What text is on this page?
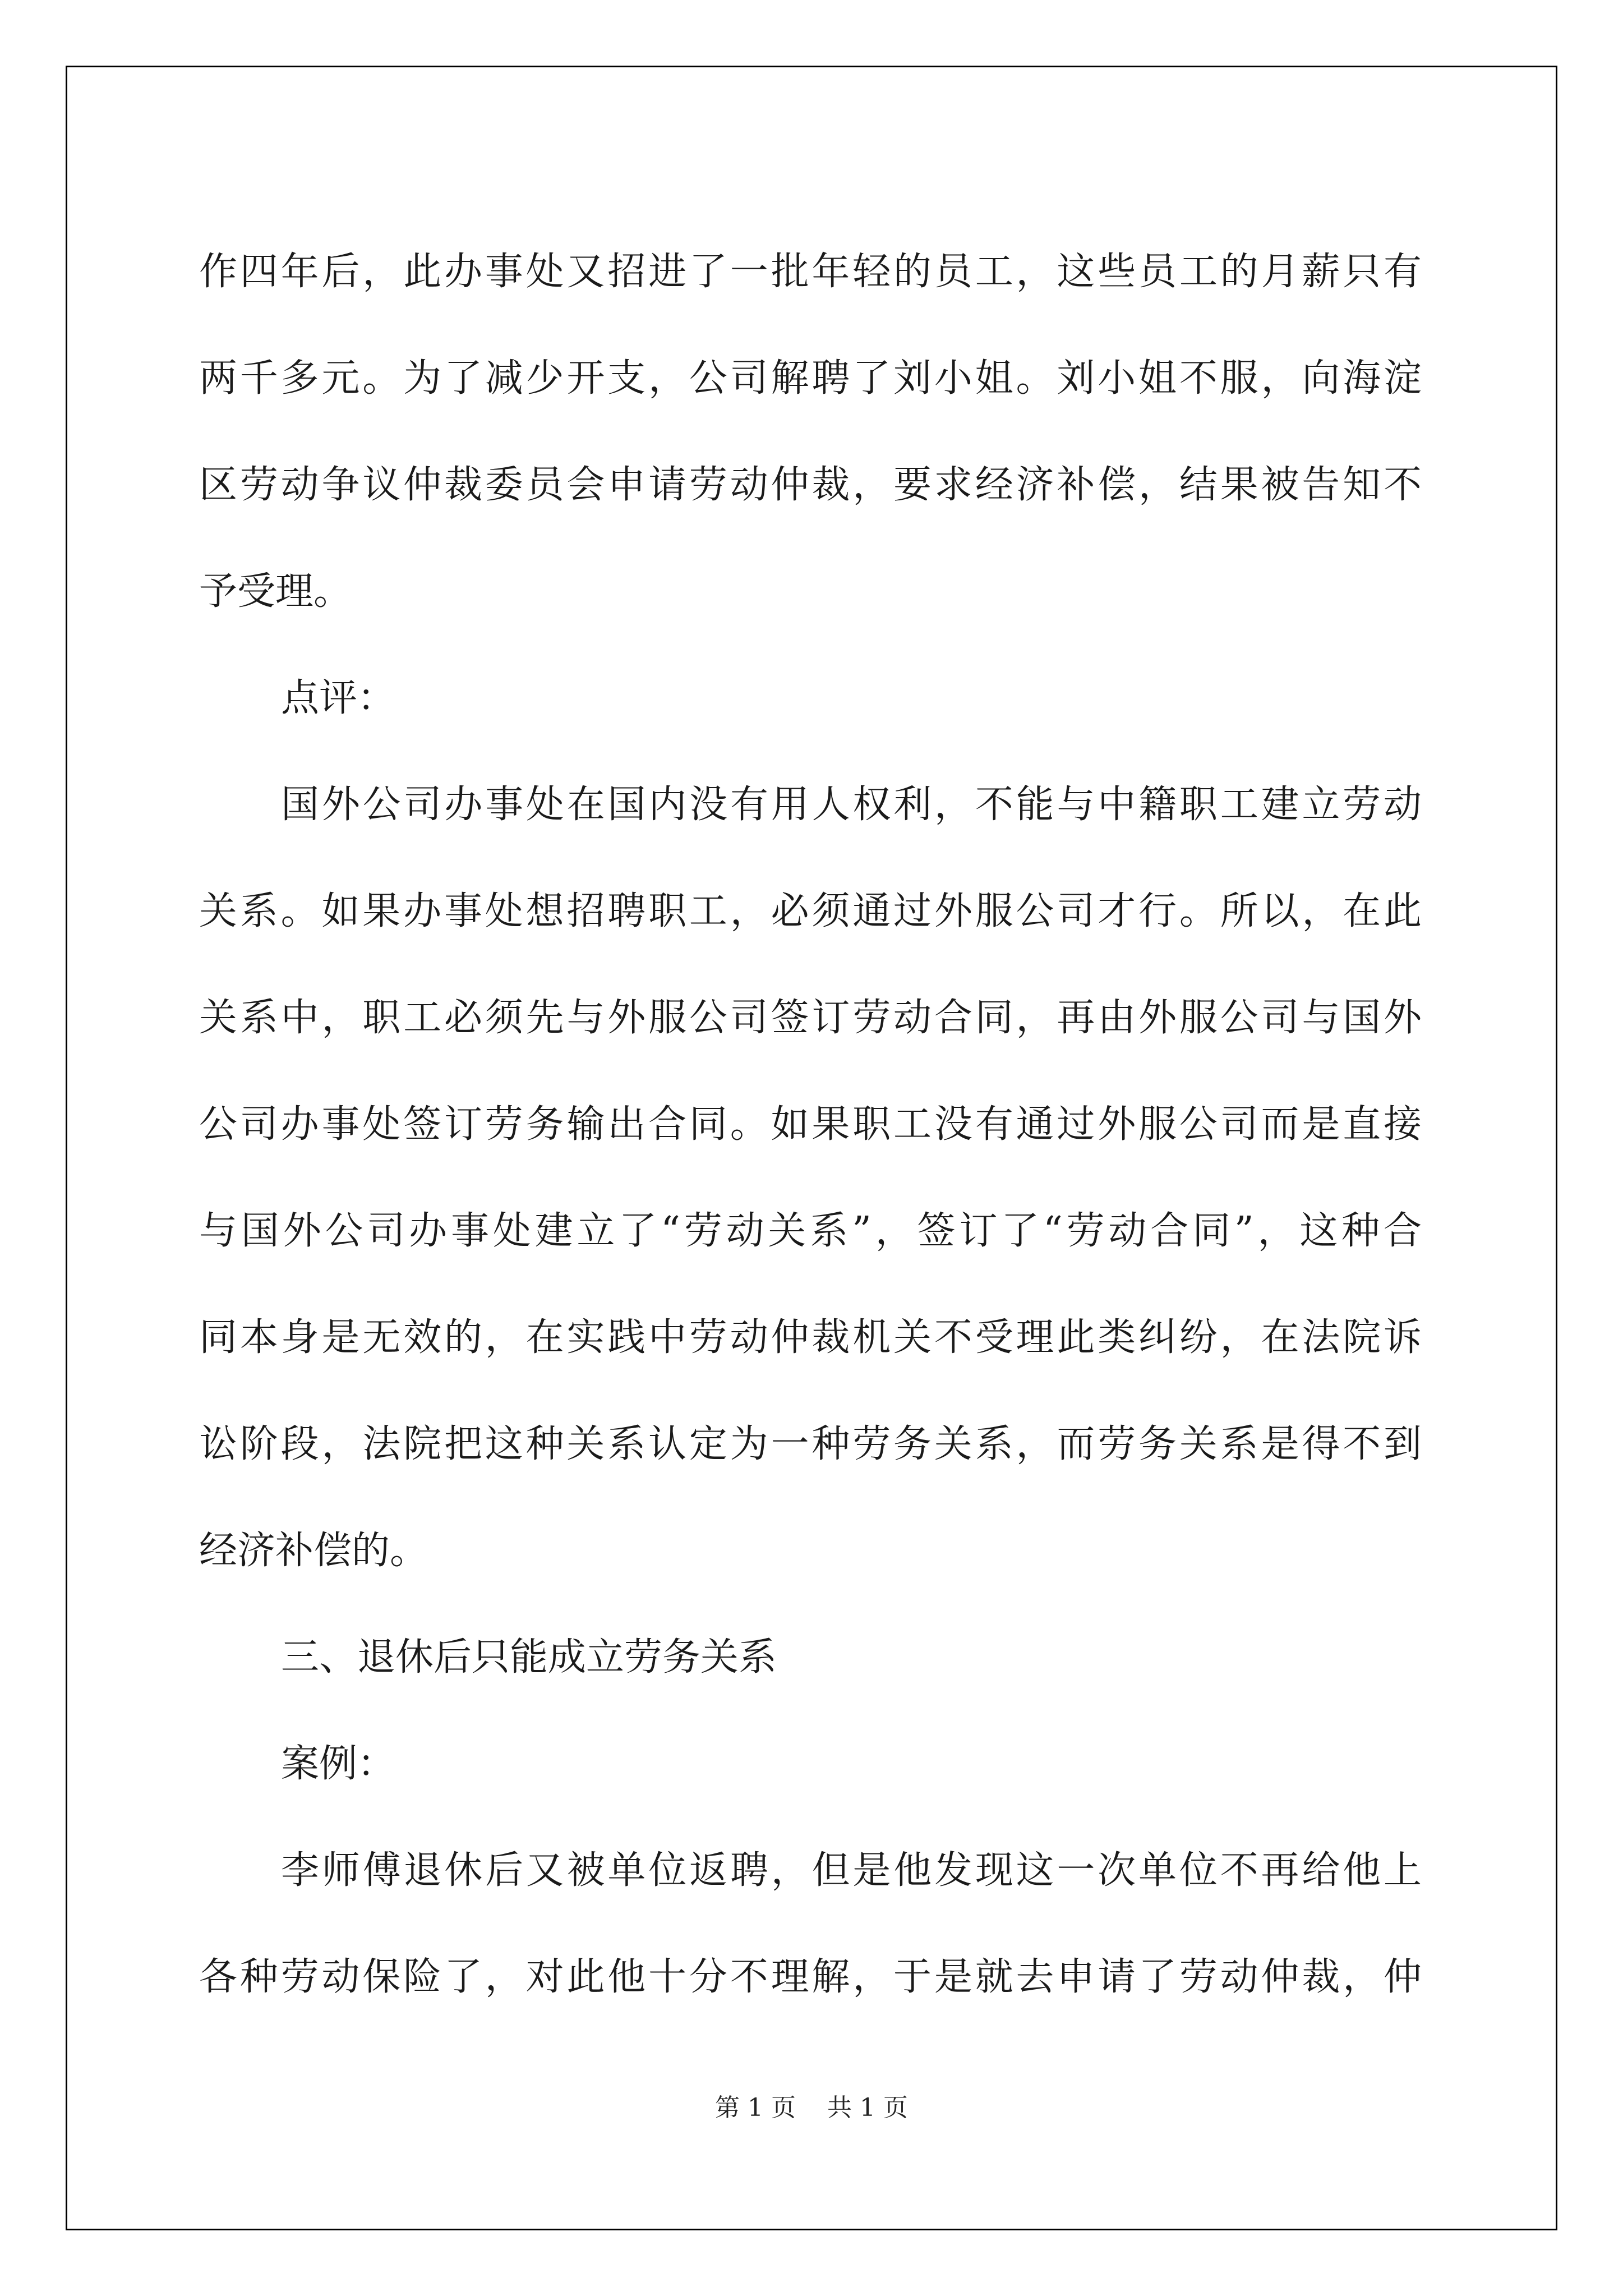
作四年后，此办事处又招进了一批年轻的员工，这些员工的月薪只有
两千多元。为了减少开支，公司解聘了刘小姐。刘小姐不服，向海淀
区劳动争议仲裁委员会申请劳动仲裁，要求经济补偿，结果被告知不
予受理。
点评：
国外公司办事处在国内没有用人权利，不能与中籍职工建立劳动
关系。如果办事处想招聘职工，必须通过外服公司才行。所以，在此
关系中，职工必须先与外服公司签订劳动合同，再由外服公司与国外
公司办事处签订劳务输出合同。如果职工没有通过外服公司而是直接
与国外公司办事处建立了“劳动关系”，签订了“劳动合同”，这种合
同本身是无效的，在实践中劳动仲裁机关不受理此类纠纷，在法院诉
讼阶段，法院把这种关系认定为一种劳务关系，而劳务关系是得不到
经济补偿的。
三、退休后只能成立劳务关系
案例：
李师傅退休后又被单位返聘，但是他发现这一次单位不再给他上
各种劳动保险了，对此他十分不理解，于是就去申请了劳动仲裁，仲
第 1 页    共 1 页
